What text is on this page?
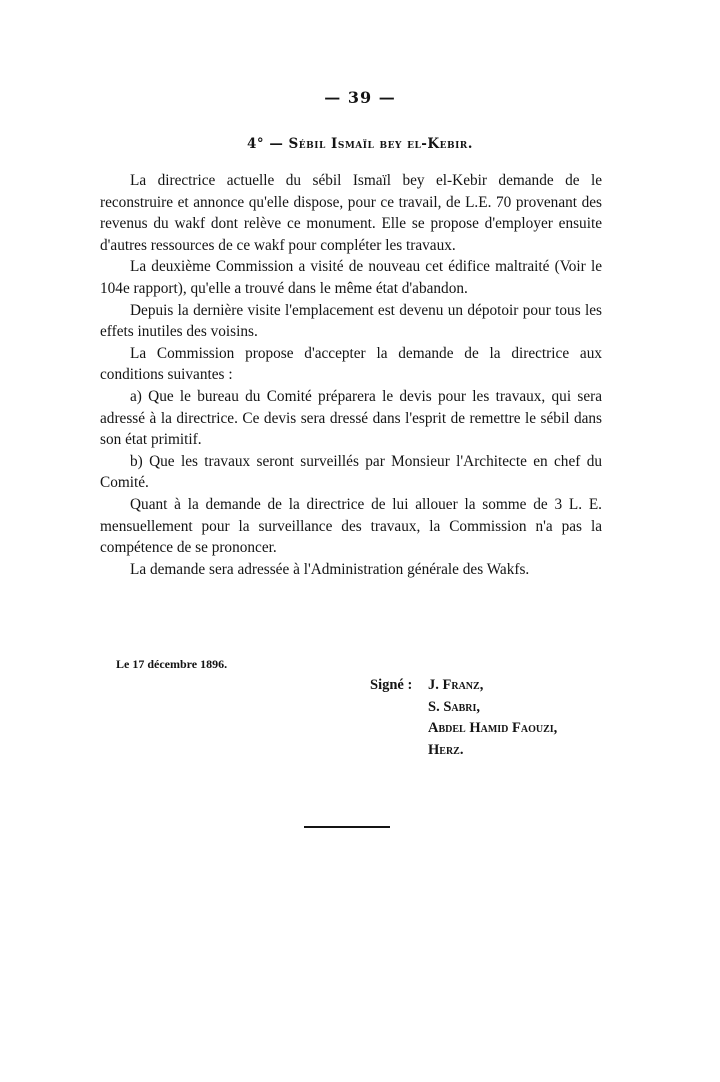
— 39 —
4° — Sébil Ismaïl bey el-Kebir.

La directrice actuelle du sébil Ismaïl bey el-Kebir demande de le reconstruire et annonce qu'elle dispose, pour ce travail, de L.E. 70 provenant des revenus du wakf dont relève ce monument. Elle se propose d'employer ensuite d'autres ressources de ce wakf pour compléter les travaux.

La deuxième Commission a visité de nouveau cet édifice maltraité (Voir le 104e rapport), qu'elle a trouvé dans le même état d'abandon.

Depuis la dernière visite l'emplacement est devenu un dépotoir pour tous les effets inutiles des voisins.

La Commission propose d'accepter la demande de la directrice aux conditions suivantes :

a) Que le bureau du Comité préparera le devis pour les travaux, qui sera adressé à la directrice. Ce devis sera dressé dans l'esprit de remettre le sébil dans son état primitif.

b) Que les travaux seront surveillés par Monsieur l'Architecte en chef du Comité.

Quant à la demande de la directrice de lui allouer la somme de 3 L. E. mensuellement pour la surveillance des travaux, la Commission n'a pas la compétence de se prononcer.

La demande sera adressée à l'Administration générale des Wakfs.

Le 17 décembre 1896.
Signé : J. Franz,
S. Sabri,
Abdel Hamid Faouzi,
Herz.
